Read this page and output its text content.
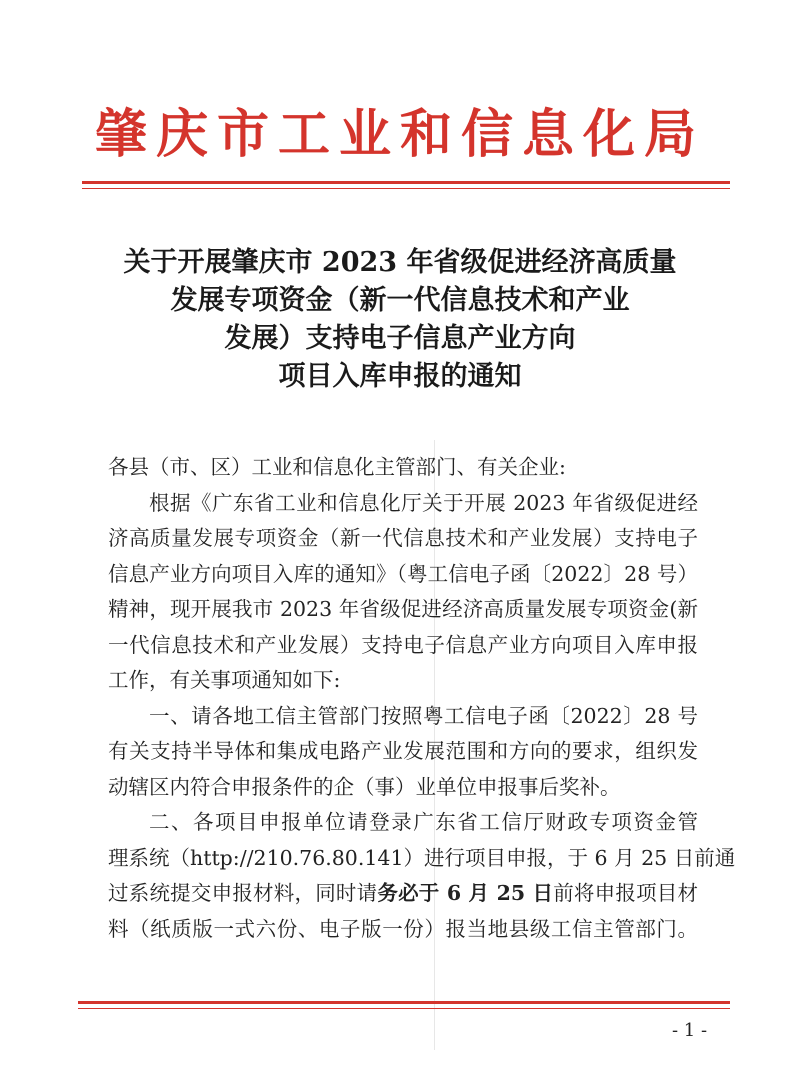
肇庆市工业和信息化局
关于开展肇庆市 2023 年省级促进经济高质量
发展专项资金（新一代信息技术和产业
发展）支持电子信息产业方向
项目入库申报的通知
各县（市、区）工业和信息化主管部门、有关企业:
根据《广东省工业和信息化厅关于开展 2023 年省级促进经
济高质量发展专项资金（新一代信息技术和产业发展）支持电子
信息产业方向项目入库的通知》（粤工信电子函〔2022〕28 号）
精神，现开展我市 2023 年省级促进经济高质量发展专项资金(新
一代信息技术和产业发展）支持电子信息产业方向项目入库申报
工作，有关事项通知如下:
一、请各地工信主管部门按照粤工信电子函〔2022〕28 号
有关支持半导体和集成电路产业发展范围和方向的要求，组织发
动辖区内符合申报条件的企（事）业单位申报事后奖补。
二、各项目申报单位请登录广东省工信厅财政专项资金管
理系统（http://210.76.80.141）进行项目申报，于 6 月 25 日前通
过系统提交申报材料，同时请务必于 6 月 25 日前将申报项目材
料（纸质版一式六份、电子版一份）报当地县级工信主管部门。
- 1 -
